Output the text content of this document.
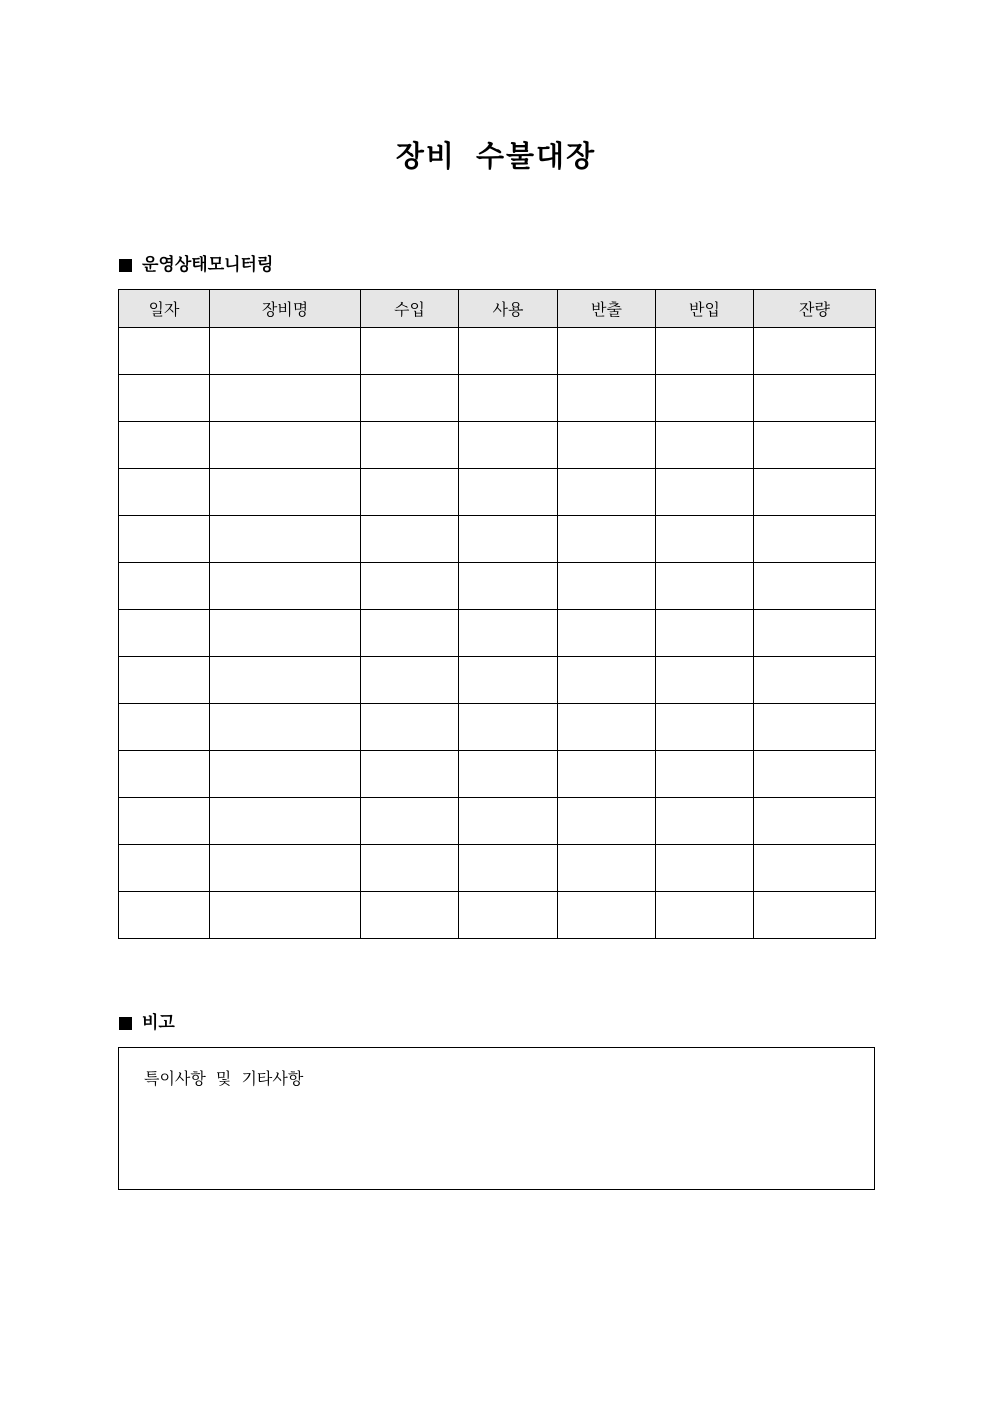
장비 수불대장
운영상태모니터링
일자	장비명	수입	사용	반출	반입	잔량

비고
특이사항 및 기타사항
